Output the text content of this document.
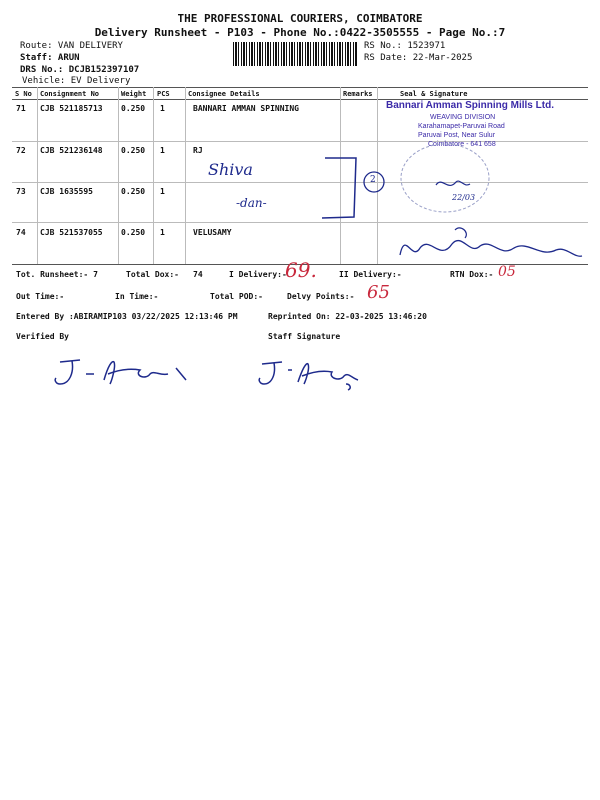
THE PROFESSIONAL COURIERS, COIMBATORE
Delivery Runsheet - P103 - Phone No.:0422-3505555 - Page No.:7
Route: VAN DELIVERY
Staff: ARUN
DRS No.: DCJB152397107
Vehicle: EV Delivery
RS No.: 1523971
RS Date: 22-Mar-2025
S No Consignment No	Weight PCS	Consignee Details	Remarks	Seal & Signature
71 CJB 521185713 0.250 1	BANNARI AMMAN SPINNING
72 CJB 521236148 0.250 1	RJ
73 CJB 1635595	0.250 1
74 CJB 521537055 0.250 1	VELUSAMY
Bannari Amman Spinning Mills Ltd.
WEAVING DIVISION
Karahamapet-Paruvai Road
Paruvai Post, Near Sulur
Coimbatore - 641 658
Shiva
-dan-
2
22/03
Tot. Runsheet:- 7	Total Dox:- 74	I Delivery:-
69.	II Delivery:-	RTN Dox:- 05
Out Time:-	In Time:-	Total POD:-	Delvy Points:- 65
Entered By :ABIRAMIP103 03/22/2025 12:13:46 PM	Reprinted On: 22-03-2025 13:46:20
Verified By	Staff Signature
